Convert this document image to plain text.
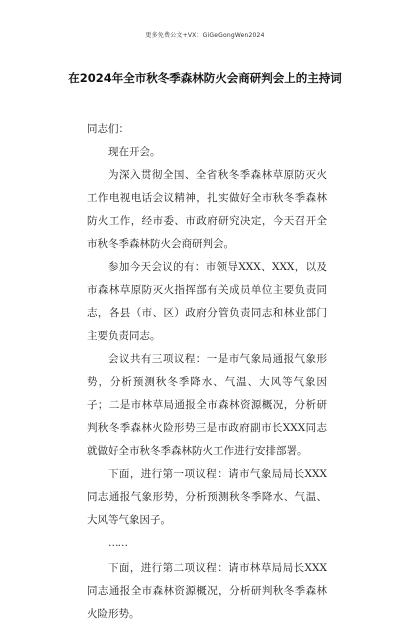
更多免费公文+VX：GiGeGongWen2024
在2024年全市秋冬季森林防火会商研判会上的主持词

同志们：

现在开会。

为深入贯彻全国、全省秋冬季森林草原防灭火工作电视电话会议精神，扎实做好全市秋冬季森林防火工作，经市委、市政府研究决定，今天召开全市秋冬季森林防火会商研判会。

参加今天会议的有：市领导XXX、XXX，以及市森林草原防灭火指挥部有关成员单位主要负责同志，各县（市、区）政府分管负责同志和林业部门主要负责同志。

会议共有三项议程：一是市气象局通报气象形势，分析预测秋冬季降水、气温、大风等气象因子；二是市林草局通报全市森林资源概况，分析研判秋冬季森林火险形势三是市政府副市长XXX同志就做好全市秋冬季森林防火工作进行安排部署。

下面，进行第一项议程：请市气象局局长XXX同志通报气象形势，分析预测秋冬季降水、气温、大风等气象因子。

……

下面，进行第二项议程：请市林草局局长XXX同志通报全市森林资源概况，分析研判秋冬季森林火险形势。
